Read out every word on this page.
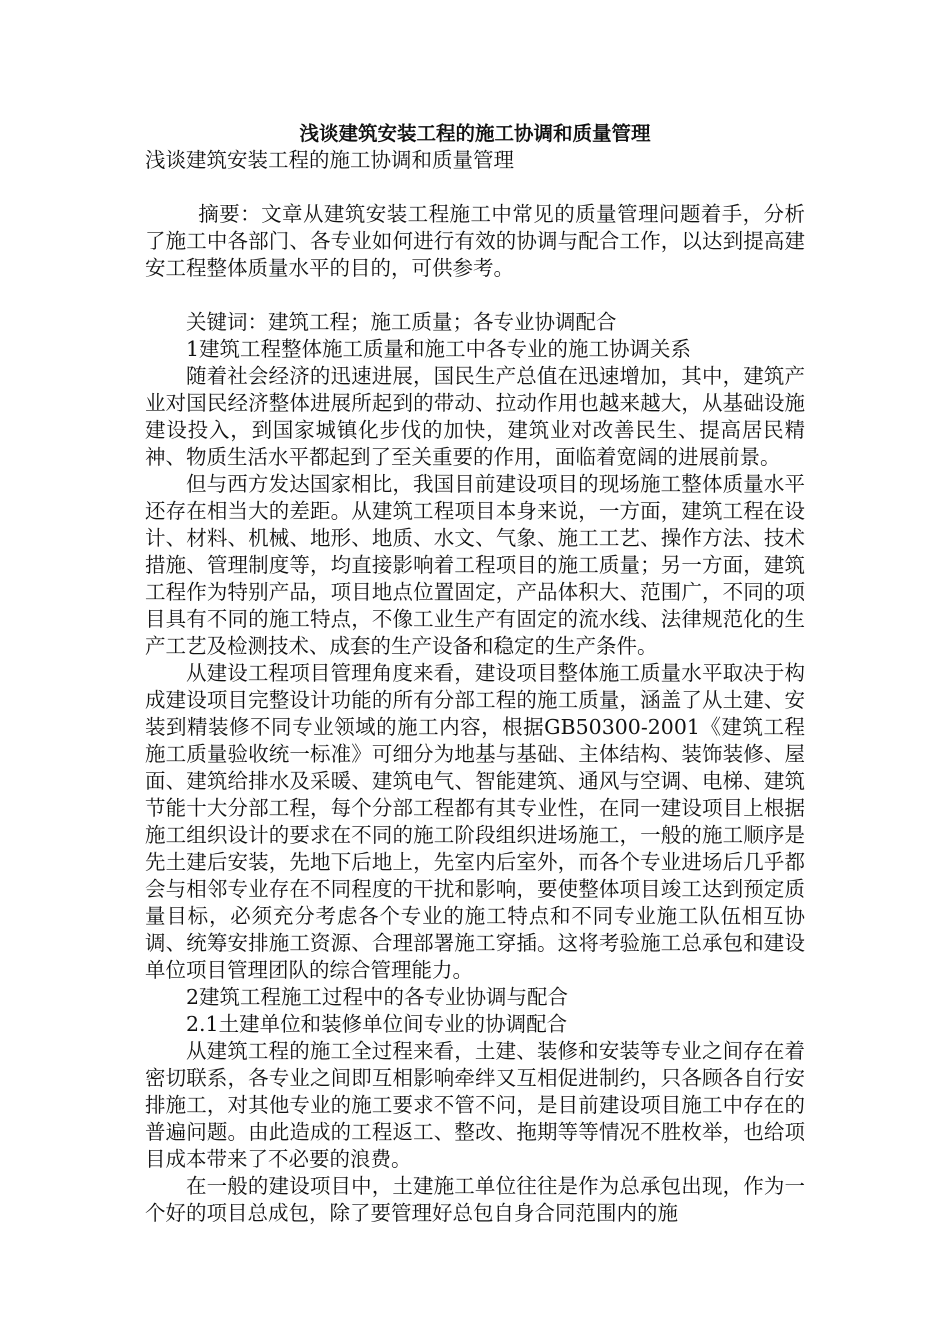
浅谈建筑安装工程的施工协调和质量管理

浅谈建筑安装工程的施工协调和质量管理

摘要：文章从建筑安装工程施工中常见的质量管理问题着手，分析了施工中各部门、各专业如何进行有效的协调与配合工作，以达到提高建安工程整体质量水平的目的，可供参考。

关键词：建筑工程；施工质量；各专业协调配合

1建筑工程整体施工质量和施工中各专业的施工协调关系

随着社会经济的迅速进展，国民生产总值在迅速增加，其中，建筑产业对国民经济整体进展所起到的带动、拉动作用也越来越大，从基础设施建设投入，到国家城镇化步伐的加快，建筑业对改善民生、提高居民精神、物质生活水平都起到了至关重要的作用，面临着宽阔的进展前景。

但与西方发达国家相比，我国目前建设项目的现场施工整体质量水平还存在相当大的差距。从建筑工程项目本身来说，一方面，建筑工程在设计、材料、机械、地形、地质、水文、气象、施工工艺、操作方法、技术措施、管理制度等，均直接影响着工程项目的施工质量；另一方面，建筑工程作为特别产品，项目地点位置固定，产品体积大、范围广，不同的项目具有不同的施工特点，不像工业生产有固定的流水线、法律规范化的生产工艺及检测技术、成套的生产设备和稳定的生产条件。

从建设工程项目管理角度来看，建设项目整体施工质量水平取决于构成建设项目完整设计功能的所有分部工程的施工质量，涵盖了从土建、安装到精装修不同专业领域的施工内容，根据GB50300-2001《建筑工程施工质量验收统一标准》可细分为地基与基础、主体结构、装饰装修、屋面、建筑给排水及采暖、建筑电气、智能建筑、通风与空调、电梯、建筑节能十大分部工程，每个分部工程都有其专业性，在同一建设项目上根据施工组织设计的要求在不同的施工阶段组织进场施工，一般的施工顺序是先土建后安装，先地下后地上，先室内后室外，而各个专业进场后几乎都会与相邻专业存在不同程度的干扰和影响，要使整体项目竣工达到预定质量目标，必须充分考虑各个专业的施工特点和不同专业施工队伍相互协调、统筹安排施工资源、合理部署施工穿插。这将考验施工总承包和建设单位项目管理团队的综合管理能力。

2建筑工程施工过程中的各专业协调与配合

2.1土建单位和装修单位间专业的协调配合

从建筑工程的施工全过程来看，土建、装修和安装等专业之间存在着密切联系，各专业之间即互相影响牵绊又互相促进制约，只各顾各自行安排施工，对其他专业的施工要求不管不问，是目前建设项目施工中存在的普遍问题。由此造成的工程返工、整改、拖期等等情况不胜枚举，也给项目成本带来了不必要的浪费。

在一般的建设项目中，土建施工单位往往是作为总承包出现，作为一个好的项目总成包，除了要管理好总包自身合同范围内的施
